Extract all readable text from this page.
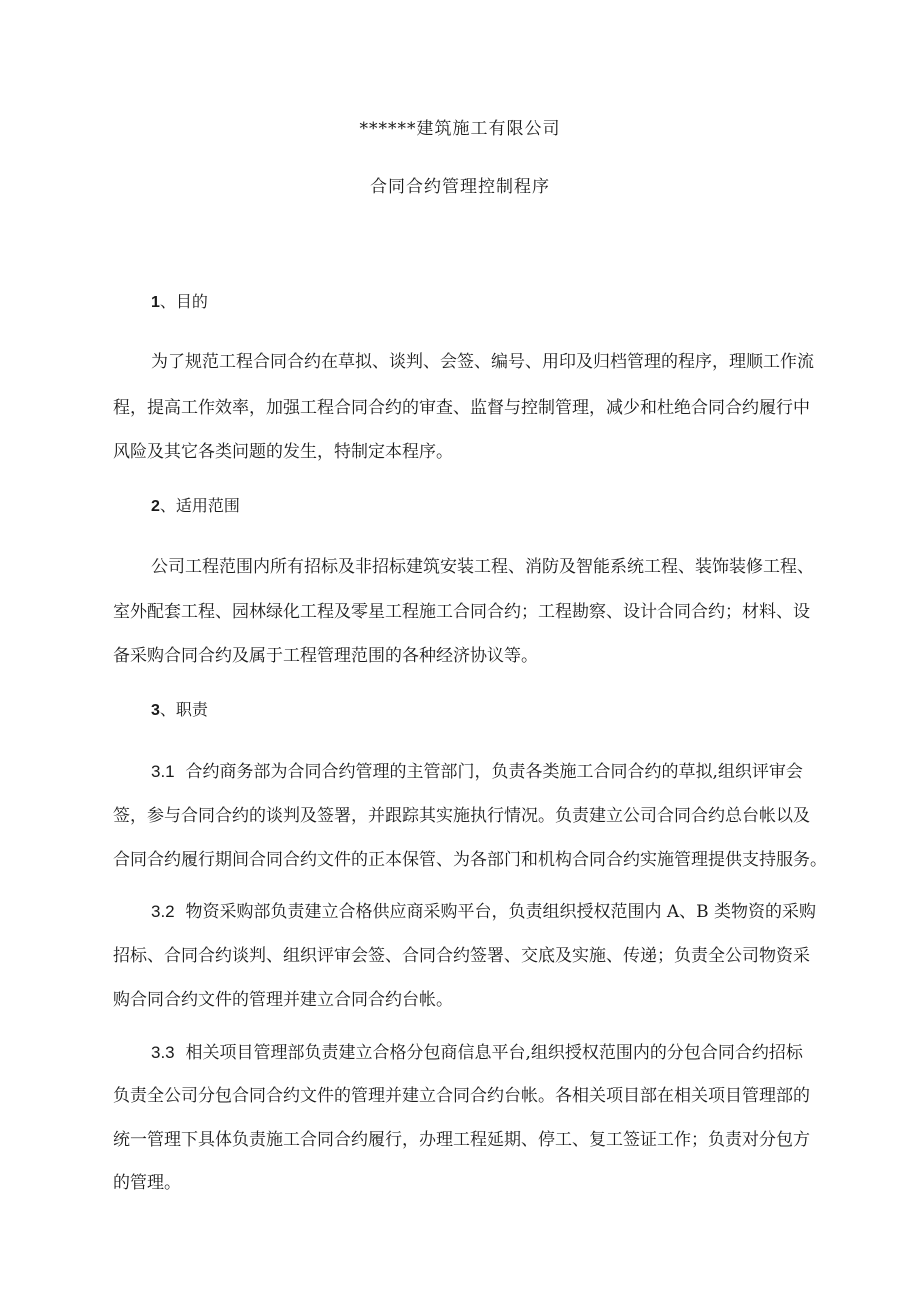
******建筑施工有限公司
合同合约管理控制程序
1、目的
为了规范工程合同合约在草拟、谈判、会签、编号、用印及归档管理的程序，理顺工作流
程，提高工作效率，加强工程合同合约的审查、监督与控制管理，减少和杜绝合同合约履行中
风险及其它各类问题的发生，特制定本程序。
2、适用范围
公司工程范围内所有招标及非招标建筑安装工程、消防及智能系统工程、装饰装修工程、
室外配套工程、园林绿化工程及零星工程施工合同合约；工程勘察、设计合同合约；材料、设
备采购合同合约及属于工程管理范围的各种经济协议等。
3、职责
3.1 合约商务部为合同合约管理的主管部门，负责各类施工合同合约的草拟,组织评审会
签，参与合同合约的谈判及签署，并跟踪其实施执行情况。负责建立公司合同合约总台帐以及
合同合约履行期间合同合约文件的正本保管、为各部门和机构合同合约实施管理提供支持服务。
3.2 物资采购部负责建立合格供应商采购平台，负责组织授权范围内 A、B 类物资的采购
招标、合同合约谈判、组织评审会签、合同合约签署、交底及实施、传递；负责全公司物资采
购合同合约文件的管理并建立合同合约台帐。
3.3 相关项目管理部负责建立合格分包商信息平台,组织授权范围内的分包合同合约招标
负责全公司分包合同合约文件的管理并建立合同合约台帐。各相关项目部在相关项目管理部的
统一管理下具体负责施工合同合约履行，办理工程延期、停工、复工签证工作；负责对分包方
的管理。
